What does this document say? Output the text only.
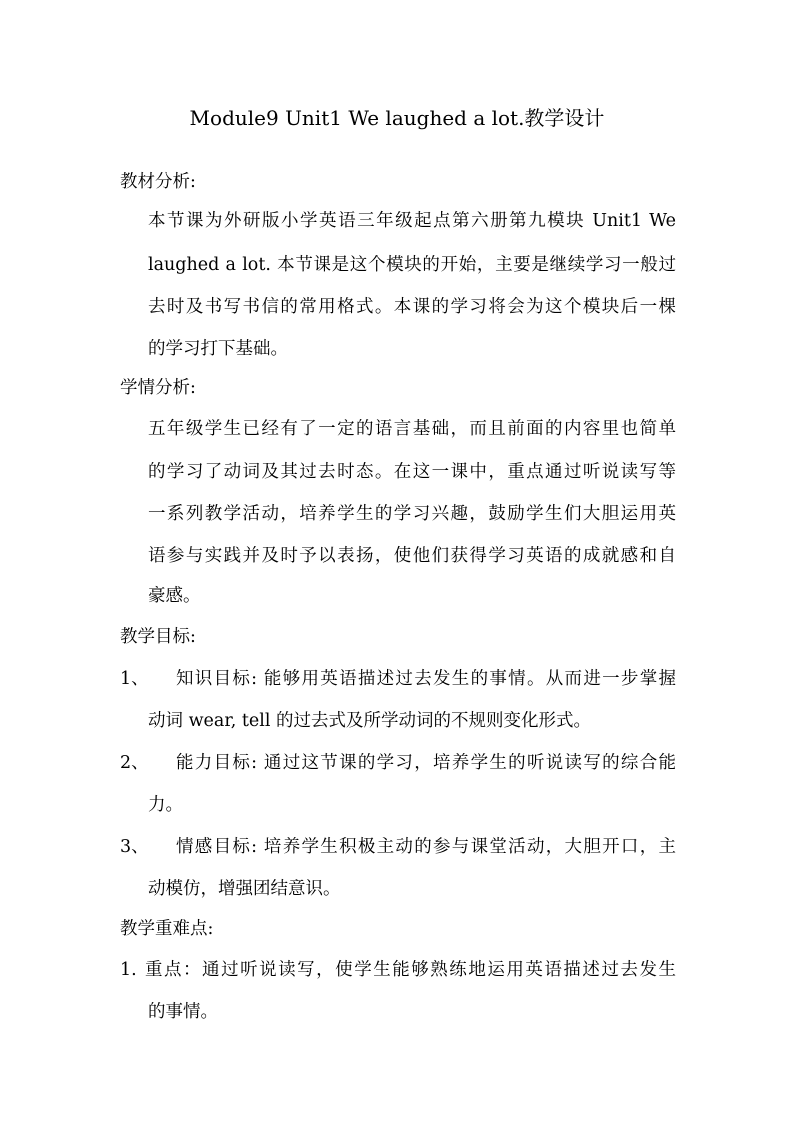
Module9 Unit1 We laughed a lot.教学设计
教材分析:
本节课为外研版小学英语三年级起点第六册第九模块 Unit1 We
laughed a lot. 本节课是这个模块的开始，主要是继续学习一般过
去时及书写书信的常用格式。本课的学习将会为这个模块后一棵
的学习打下基础。
学情分析:
五年级学生已经有了一定的语言基础，而且前面的内容里也简单
的学习了动词及其过去时态。在这一课中，重点通过听说读写等
一系列教学活动，培养学生的学习兴趣，鼓励学生们大胆运用英
语参与实践并及时予以表扬，使他们获得学习英语的成就感和自
豪感。
教学目标:
1、 知识目标: 能够用英语描述过去发生的事情。从而进一步掌握
动词 wear, tell 的过去式及所学动词的不规则变化形式。
2、 能力目标: 通过这节课的学习，培养学生的听说读写的综合能
力。
3、 情感目标: 培养学生积极主动的参与课堂活动，大胆开口，主
动模仿，增强团结意识。
教学重难点:
1. 重点：通过听说读写，使学生能够熟练地运用英语描述过去发生
的事情。
